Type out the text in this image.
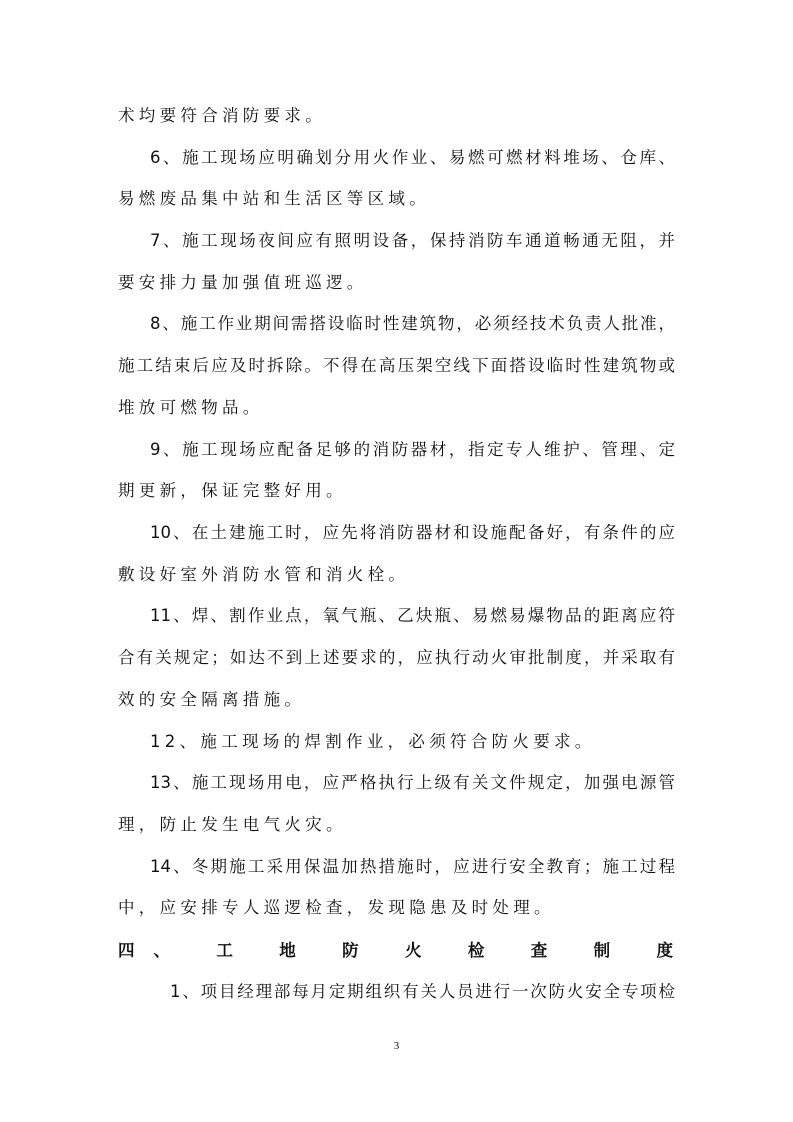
术均要符合消防要求。
6、施工现场应明确划分用火作业、易燃可燃材料堆场、仓库、
易燃废品集中站和生活区等区域。
7、施工现场夜间应有照明设备，保持消防车通道畅通无阻，并
要安排力量加强值班巡逻。
8、施工作业期间需搭设临时性建筑物，必须经技术负责人批准，
施工结束后应及时拆除。不得在高压架空线下面搭设临时性建筑物或
堆放可燃物品。
9、施工现场应配备足够的消防器材，指定专人维护、管理、定
期更新，保证完整好用。
10、在土建施工时，应先将消防器材和设施配备好，有条件的应
敷设好室外消防水管和消火栓。
11、焊、割作业点，氧气瓶、乙炔瓶、易燃易爆物品的距离应符
合有关规定；如达不到上述要求的，应执行动火审批制度，并采取有
效的安全隔离措施。
12、施工现场的焊割作业，必须符合防火要求。
13、施工现场用电，应严格执行上级有关文件规定，加强电源管
理，防止发生电气火灾。
14、冬期施工采用保温加热措施时，应进行安全教育；施工过程
中，应安排专人巡逻检查，发现隐患及时处理。
1、项目经理部每月定期组织有关人员进行一次防火安全专项检
四、工地防火检查制度
3
